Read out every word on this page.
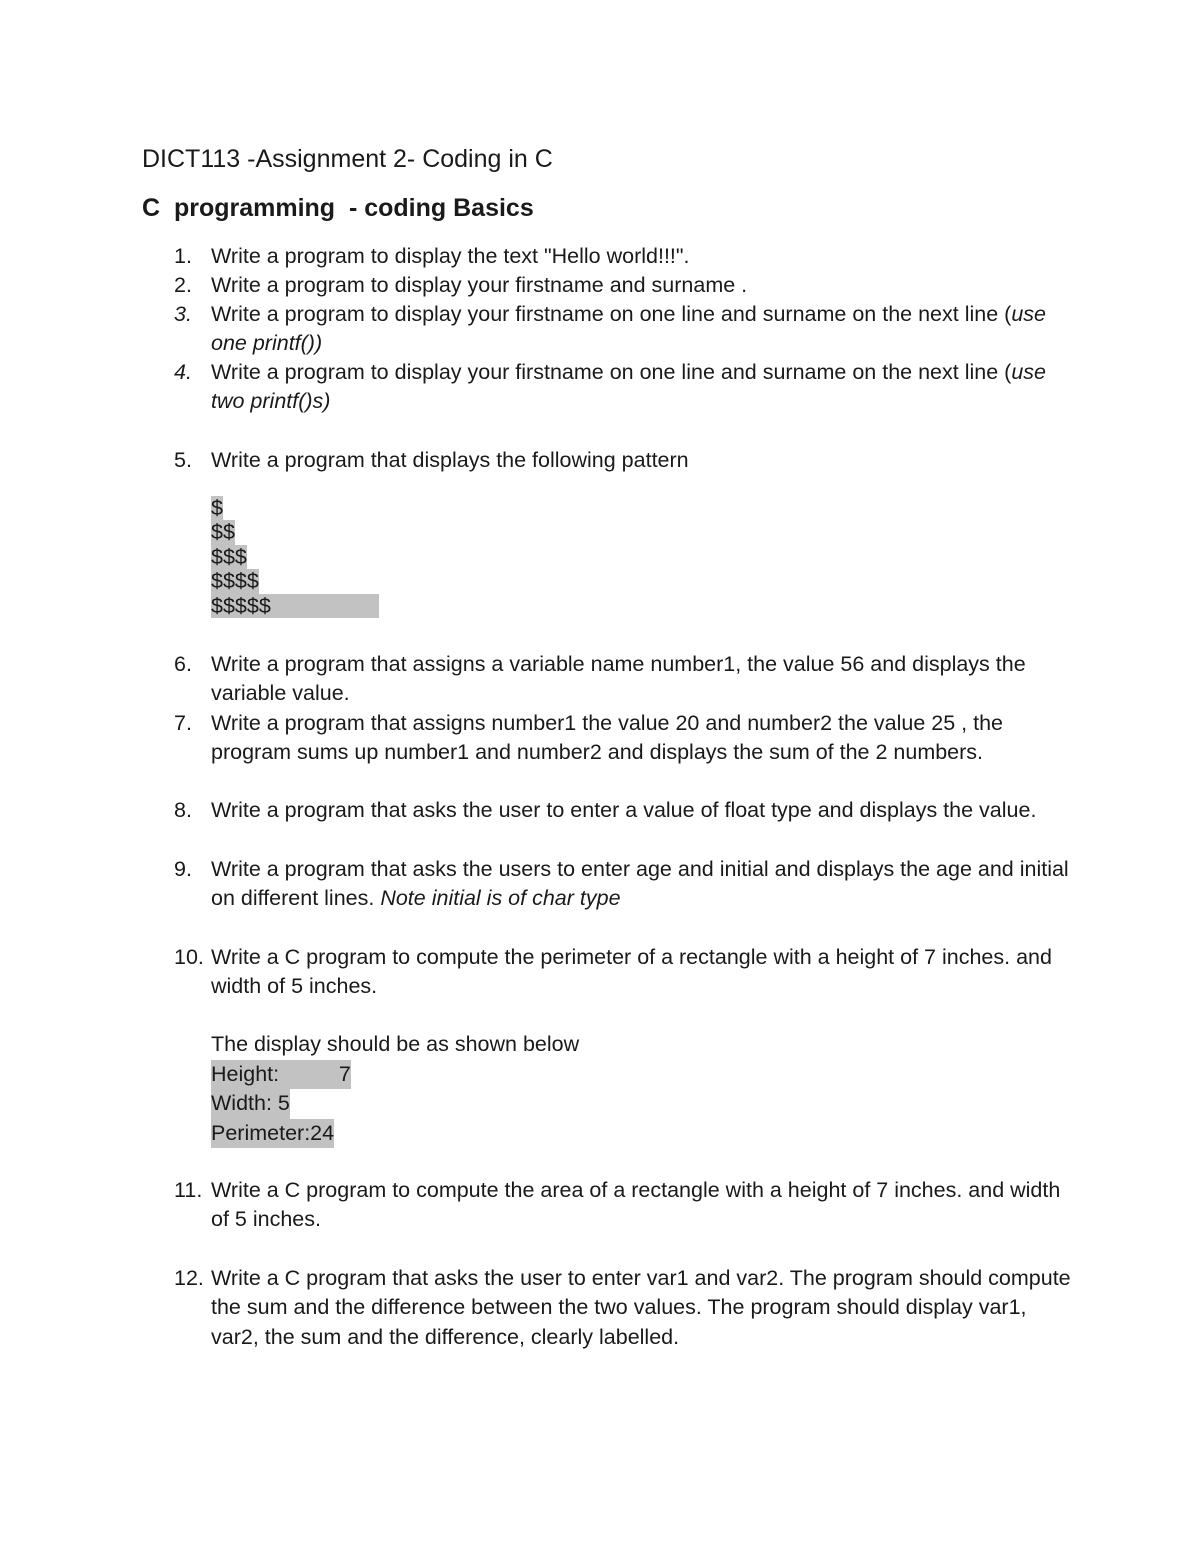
DICT113 -Assignment 2- Coding in C
C  programming  - coding Basics
1. Write a program to display the text "Hello world!!!".
2. Write a program to display your firstname and surname .
3. Write a program to display your firstname on one line and surname on the next line (use one printf())
4. Write a program to display your firstname on one line and surname on the next line (use two printf()s)
5. Write a program that displays the following pattern
$
$$
$$$
$$$$
$$$$$
6. Write a program that assigns a variable name number1, the value 56 and displays the variable value.
7. Write a program that assigns number1 the value 20 and number2 the value 25 , the program sums up number1 and number2 and displays the sum of the 2 numbers.
8. Write a program that asks the user to enter a value of float type and displays the value.
9. Write a program that asks the users to enter age and initial and displays the age and initial on different lines. Note initial is of char type
10. Write a C program to compute the perimeter of a rectangle with a height of 7 inches. and width of 5 inches.
The display should be as shown below
Height:          7
Width: 5
Perimeter:24
11. Write a C program to compute the area of a rectangle with a height of 7 inches. and width of 5 inches.
12. Write a C program that asks the user to enter var1 and var2. The program should compute the sum and the difference between the two values. The program should display var1, var2, the sum and the difference, clearly labelled.
